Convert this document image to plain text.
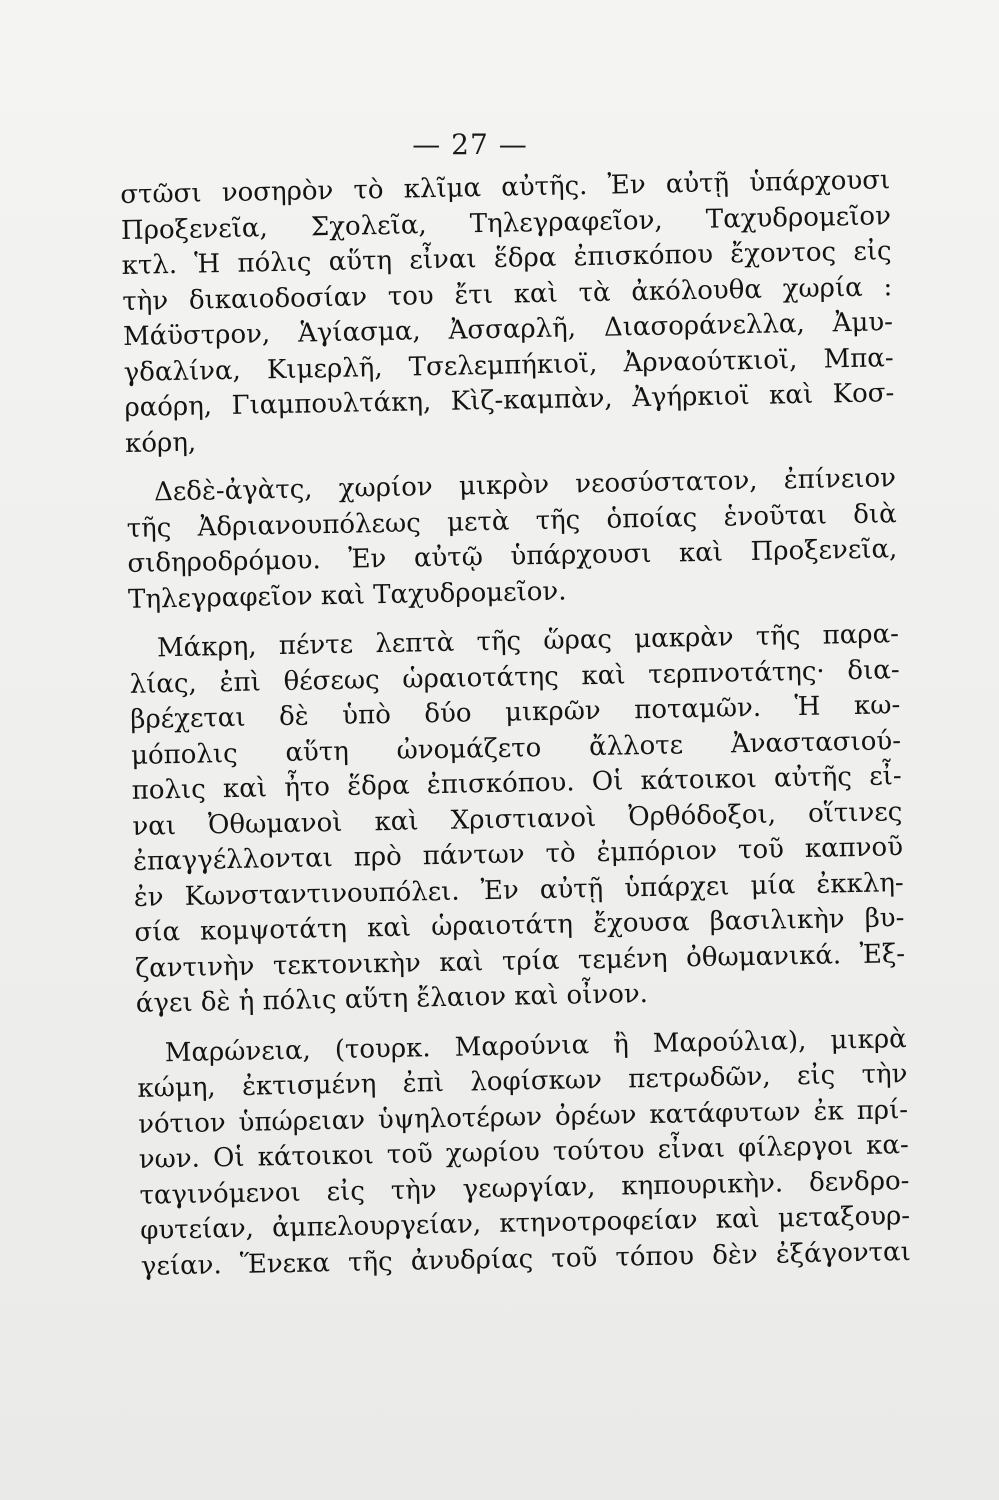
— 27 —
στῶσι νοσηρὸν τὸ κλῖμα αὐτῆς. Ἐν αὐτῇ ὑπάρχουσι
Προξενεῖα, Σχολεῖα, Τηλεγραφεῖον, Ταχυδρομεῖον
κτλ. Ἡ πόλις αὕτη εἶναι ἕδρα ἐπισκόπου ἔχοντος εἰς
τὴν δικαιοδοσίαν του ἔτι καὶ τὰ ἀκόλουθα χωρία :
Μάϋστρον, Ἁγίασμα, Ἀσσαρλῆ, Διασοράνελλα, Ἀμυ-
γδαλίνα, Κιμερλῆ, Τσελεμπήκιοϊ, Ἀρναούτκιοϊ, Μπα-
ραόρη, Γιαμπουλτάκη, Κὶζ-καμπὰν, Ἀγήρκιοϊ καὶ Κοσ-
κόρη,
Δεδὲ-ἀγὰτς, χωρίον μικρὸν νεοσύστατον, ἐπίνειον
τῆς Ἀδριανουπόλεως μετὰ τῆς ὁποίας ἑνοῦται διὰ
σιδηροδρόμου. Ἐν αὐτῷ ὑπάρχουσι καὶ Προξενεῖα,
Τηλεγραφεῖον καὶ Ταχυδρομεῖον.
Μάκρη, πέντε λεπτὰ τῆς ὥρας μακρὰν τῆς παρα-
λίας, ἐπὶ θέσεως ὡραιοτάτης καὶ τερπνοτάτης· δια-
βρέχεται δὲ ὑπὸ δύο μικρῶν ποταμῶν. Ἡ κω-
μόπολις αὕτη ὠνομάζετο ἄλλοτε Ἀναστασιού-
πολις καὶ ἦτο ἕδρα ἐπισκόπου. Οἱ κάτοικοι αὐτῆς εἶ-
ναι Ὀθωμανοὶ καὶ Χριστιανοὶ Ὀρθόδοξοι, οἵτινες
ἐπαγγέλλονται πρὸ πάντων τὸ ἐμπόριον τοῦ καπνοῦ
ἐν Κωνσταντινουπόλει. Ἐν αὐτῇ ὑπάρχει μία ἐκκλη-
σία κομψοτάτη καὶ ὡραιοτάτη ἔχουσα βασιλικὴν βυ-
ζαντινὴν τεκτονικὴν καὶ τρία τεμένη ὀθωμανικά. Ἐξ-
άγει δὲ ἡ πόλις αὕτη ἔλαιον καὶ οἶνον.
Μαρώνεια, (τουρκ. Μαρούνια ἢ Μαρούλια), μικρὰ
κώμη, ἐκτισμένη ἐπὶ λοφίσκων πετρωδῶν, εἰς τὴν
νότιον ὑπώρειαν ὑψηλοτέρων ὀρέων κατάφυτων ἐκ πρί-
νων. Οἱ κάτοικοι τοῦ χωρίου τούτου εἶναι φίλεργοι κα-
ταγινόμενοι εἰς τὴν γεωργίαν, κηπουρικὴν. δενδρο-
φυτείαν, ἀμπελουργείαν, κτηνοτροφείαν καὶ μεταξουρ-
γείαν. Ἕνεκα τῆς ἀνυδρίας τοῦ τόπου δὲν ἐξάγονται
